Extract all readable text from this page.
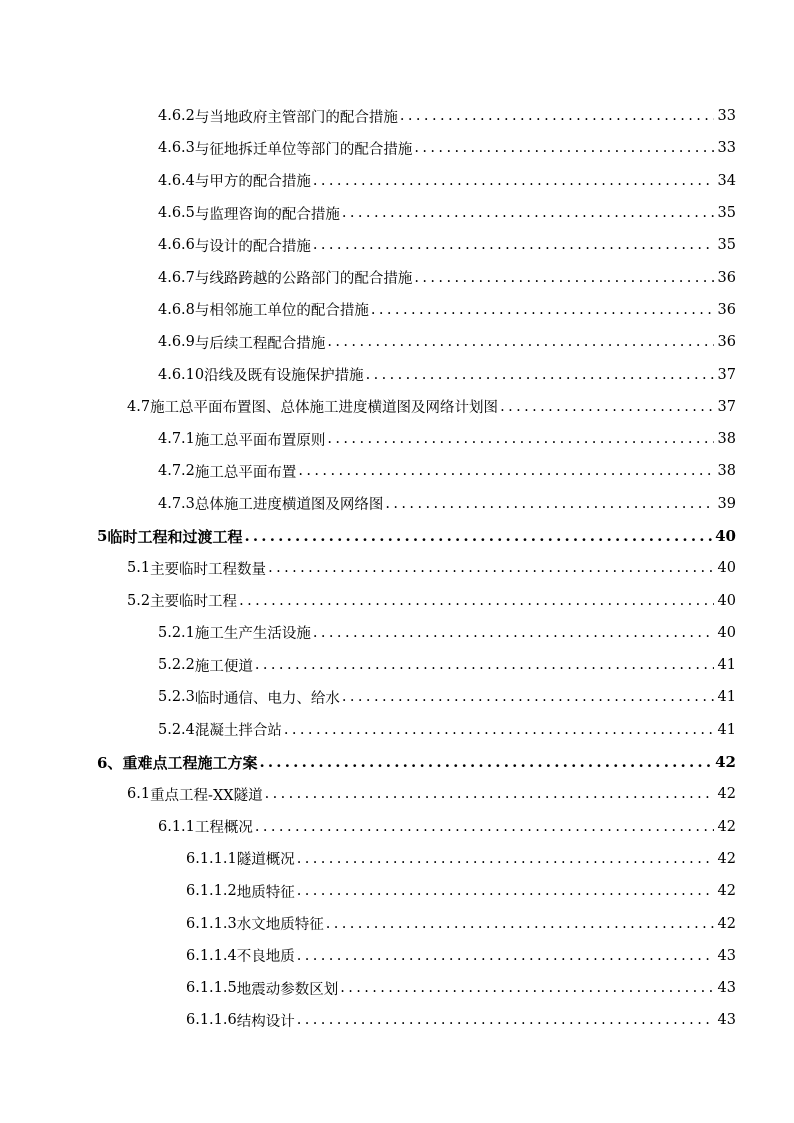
4.6.2 与当地政府主管部门的配合措施 .....	33
4.6.3 与征地拆迁单位等部门的配合措施 .....	33
4.6.4 与甲方的配合措施 .....	34
4.6.5 与监理咨询的配合措施 .....	35
4.6.6 与设计的配合措施 .....	35
4.6.7 与线路跨越的公路部门的配合措施 .....	36
4.6.8 与相邻施工单位的配合措施 .....	36
4.6.9 与后续工程配合措施 .....	36
4.6.10 沿线及既有设施保护措施 .....	37
4.7 施工总平面布置图、总体施工进度横道图及网络计划图 .....	37
4.7.1 施工总平面布置原则 .....	38
4.7.2 施工总平面布置 .....	38
4.7.3 总体施工进度横道图及网络图 .....	39
5 临时工程和过渡工程 .....	40
5.1 主要临时工程数量 .....	40
5.2 主要临时工程 .....	40
5.2.1 施工生产生活设施 .....	40
5.2.2 施工便道 .....	41
5.2.3 临时通信、电力、给水 .....	41
5.2.4 混凝土拌合站 .....	41
6、 重难点工程施工方案 .....	42
6.1 重点工程-XX隧道 .....	42
6.1.1 工程概况 .....	42
6.1.1.1 隧道概况 .....	42
6.1.1.2 地质特征 .....	42
6.1.1.3 水文地质特征 .....	42
6.1.1.4 不良地质 .....	43
6.1.1.5 地震动参数区划 .....	43
6.1.1.6 结构设计 .....	43
